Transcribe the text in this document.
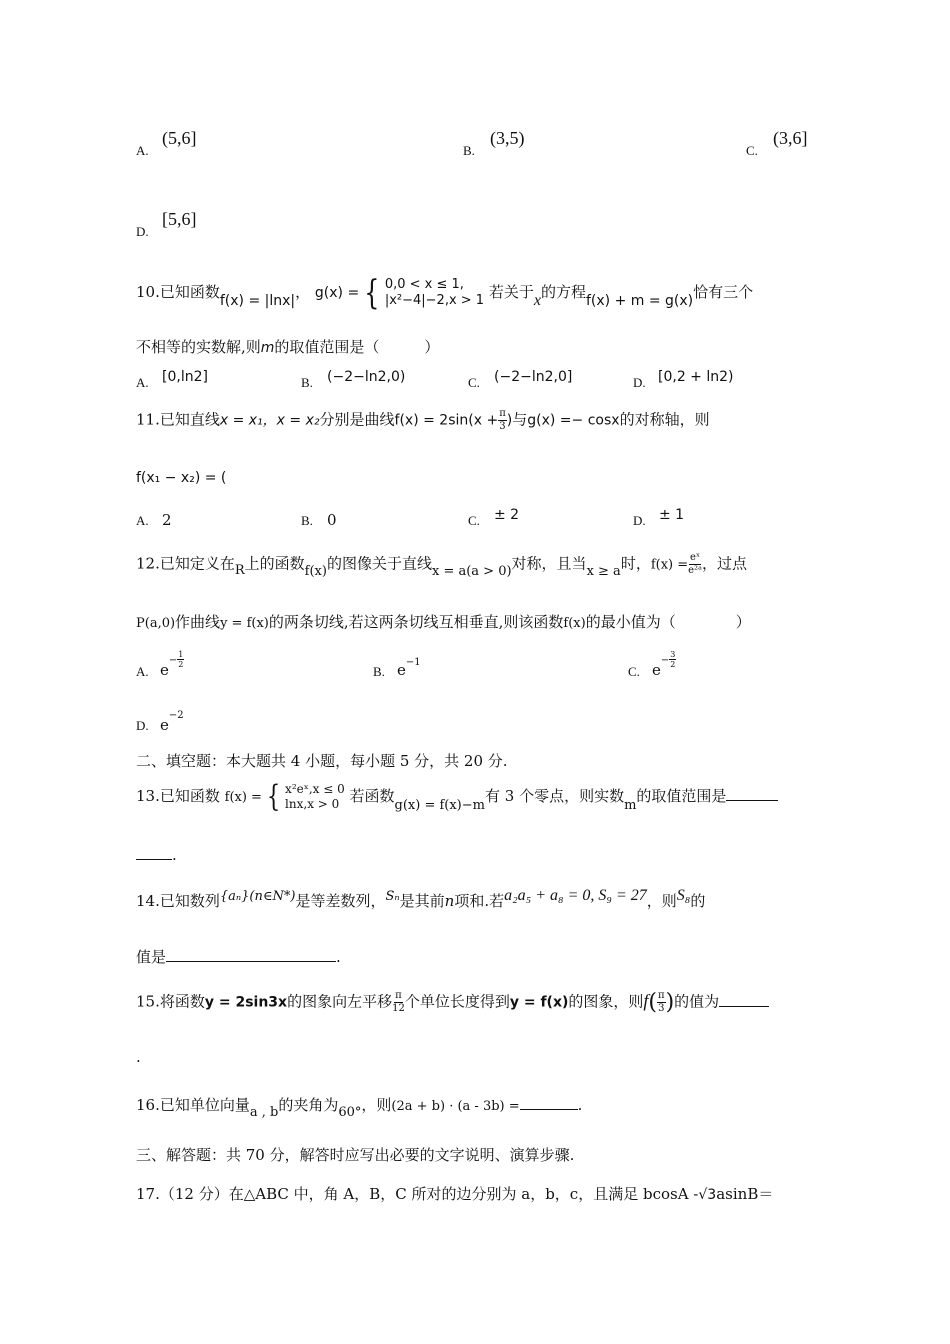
A.
(5,6]
B.
(3,5)
C.
(3,6]
D.
[5,6]
10.已知函数f(x) = |lnx|， g(x) = { 0,0 < x ≤ 1,
|x²−4|−2,x > 1 若关于x的方程f(x) + m = g(x)恰有三个
不相等的实数解,则m的取值范围是（　　　）
A. [0,ln2]	B. (−2−ln2,0)	C. (−2−ln2,0]	D. [0,2 + ln2)
11.已知直线x = x₁，x = x₂分别是曲线$f(x) = 2\sin(x + \frac{\pi}{3}$ )与g(x) =− cosx的对称轴，则
f(x₁ − x₂) = (
A. 2	B. 0	C. ± 2	D. ± 1
12.已知定义在R上的函数f(x)的图像关于直线x = a(a > 0)对称，且当x ≥ a时，$f(x) = \frac{\text{eˣ}}{\text{e²ᵃ}}$ ，过点
P(a,0)作曲线y = f(x)的两条切线,若这两条切线互相垂直,则该函数f(x)的最小值为（　　　　）
A. $e- \frac{1}{2}$
B. $e^{-1}$
C. $e- \frac{3}{2}$
D. $e^{-2}$
二、填空题：本大题共 4 小题，每小题 5 分，共 20 分.
13.已知函数 f(x) = { x²eˣ,x ≤ 0
lnx,x > 0 若函数g(x) = f(x)−m有 3 个零点，则实数m的取值范围是
.
14.已知数列{aₙ}(n∈N*)是等差数列，Sₙ是其前n项和.若a₂a₅ + a₈ = 0, S₉ = 27，则S₈的
值是	.
15.将函数y = 2sin3x的图象向左平移 $\frac{\pi}{12}$ 个单位长度得到y = f(x)的图象，则$f( \frac{\pi}{3}$ )的值为
.
16.已知单位向量a , b的夹角为60°，则(2a + b) · (a - 3b) =	.
三、解答题：共 70 分，解答时应写出必要的文字说明、演算步骤.
17.（12 分）在△ABC 中，角 A，B，C 所对的边分别为 a，b，c，且满足 bcosA -√3asinB＝
